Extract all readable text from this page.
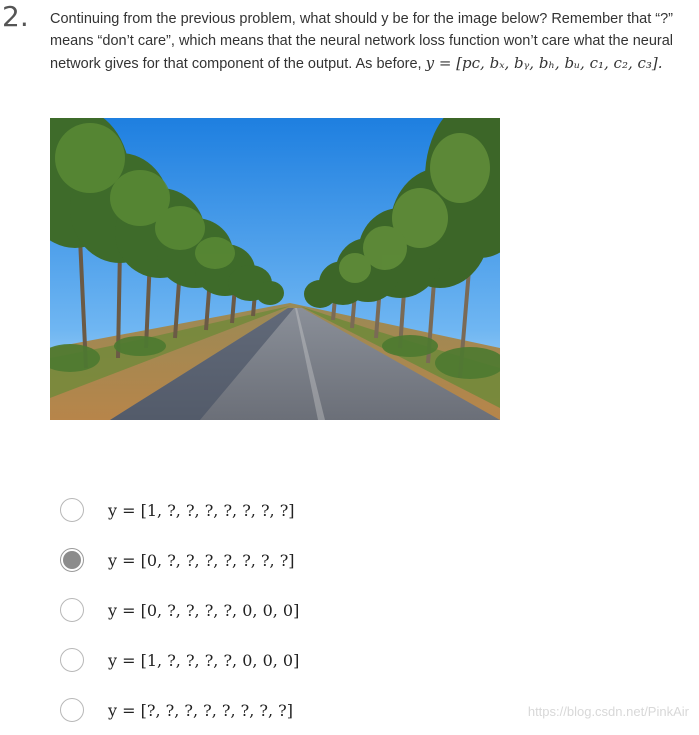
2. Continuing from the previous problem, what should y be for the image below? Remember that “?” means “don’t care”, which means that the neural network loss function won’t care what the neural network gives for that component of the output. As before, y = [pᴄ, bₓ, bᵧ, bₕ, bᵤ, c₁, c₂, c₃].
y = [1, ?, ?, ?, ?, ?, ?, ?]
y = [0, ?, ?, ?, ?, ?, ?, ?]
y = [0, ?, ?, ?, ?, 0, 0, 0]
y = [1, ?, ?, ?, ?, 0, 0, 0]
y = [?, ?, ?, ?, ?, ?, ?, ?]	https://blog.csdn.net/PinkAir
